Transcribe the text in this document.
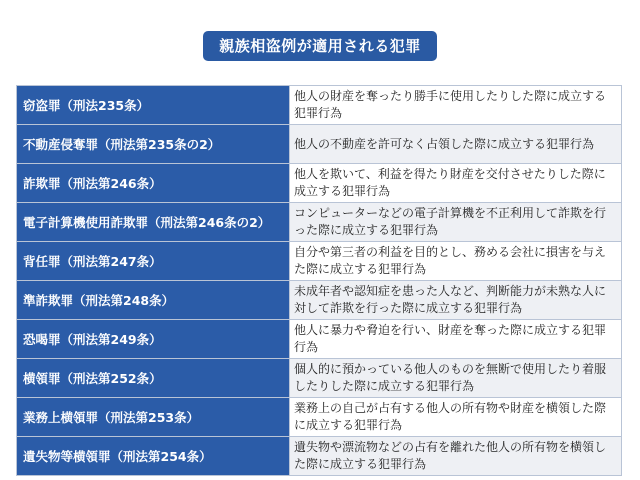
親族相盗例が適用される犯罪
窃盗罪（刑法235条）	他人の財産を奪ったり勝手に使用したりした際に成立する犯罪行為
不動産侵奪罪（刑法第235条の2）	他人の不動産を許可なく占領した際に成立する犯罪行為
詐欺罪（刑法第246条）	他人を欺いて、利益を得たり財産を交付させたりした際に成立する犯罪行為
電子計算機使用詐欺罪（刑法第246条の2）	コンピューターなどの電子計算機を不正利用して詐欺を行った際に成立する犯罪行為
背任罪（刑法第247条）	自分や第三者の利益を目的とし、務める会社に損害を与えた際に成立する犯罪行為
準詐欺罪（刑法第248条）	未成年者や認知症を患った人など、判断能力が未熟な人に対して詐欺を行った際に成立する犯罪行為
恐喝罪（刑法第249条）	他人に暴力や脅迫を行い、財産を奪った際に成立する犯罪行為
横領罪（刑法第252条）	個人的に預かっている他人のものを無断で使用したり着服したりした際に成立する犯罪行為
業務上横領罪（刑法第253条）	業務上の自己が占有する他人の所有物や財産を横領した際に成立する犯罪行為
遺失物等横領罪（刑法第254条）	遺失物や漂流物などの占有を離れた他人の所有物を横領した際に成立する犯罪行為
